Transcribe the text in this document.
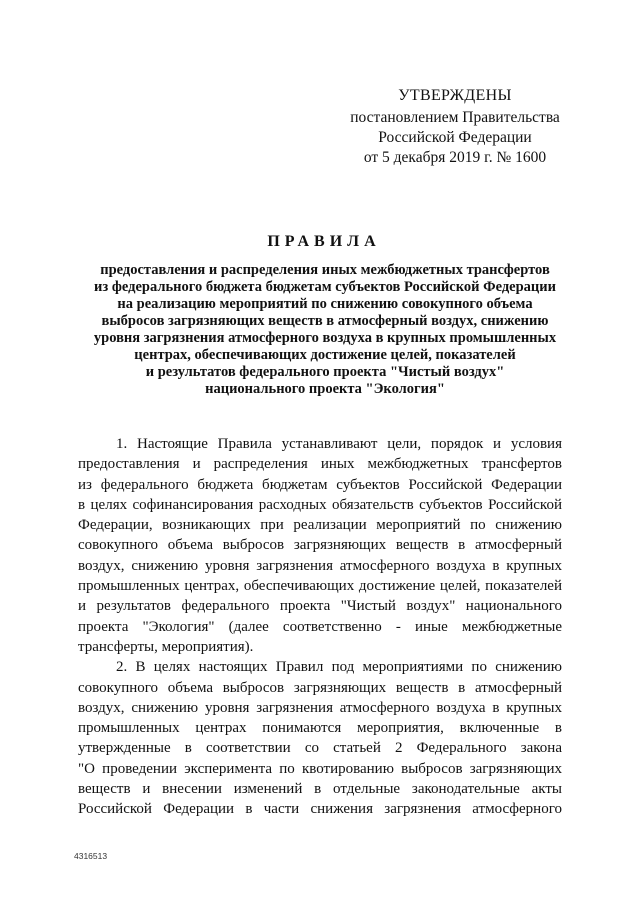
УТВЕРЖДЕНЫ
постановлением Правительства
Российской Федерации
от 5 декабря 2019 г. № 1600
ПРАВИЛА
предоставления и распределения иных межбюджетных трансфертов
из федерального бюджета бюджетам субъектов Российской Федерации
на реализацию мероприятий по снижению совокупного объема
выбросов загрязняющих веществ в атмосферный воздух, снижению
уровня загрязнения атмосферного воздуха в крупных промышленных
центрах, обеспечивающих достижение целей, показателей
и результатов федерального проекта "Чистый воздух"
национального проекта "Экология"
1. Настоящие Правила устанавливают цели, порядок и условия
предоставления и распределения иных межбюджетных трансфертов
из федерального бюджета бюджетам субъектов Российской Федерации
в целях софинансирования расходных обязательств субъектов Российской
Федерации, возникающих при реализации мероприятий по снижению
совокупного объема выбросов загрязняющих веществ в атмосферный
воздух, снижению уровня загрязнения атмосферного воздуха в крупных
промышленных центрах, обеспечивающих достижение целей, показателей
и результатов федерального проекта "Чистый воздух" национального
проекта "Экология" (далее соответственно - иные межбюджетные
трансферты, мероприятия).
2. В целях настоящих Правил под мероприятиями по снижению
совокупного объема выбросов загрязняющих веществ в атмосферный
воздух, снижению уровня загрязнения атмосферного воздуха в крупных
промышленных центрах понимаются мероприятия, включенные в
утвержденные в соответствии со статьей 2 Федерального закона
"О проведении эксперимента по квотированию выбросов загрязняющих
веществ и внесении изменений в отдельные законодательные акты
Российской Федерации в части снижения загрязнения атмосферного
4316513
